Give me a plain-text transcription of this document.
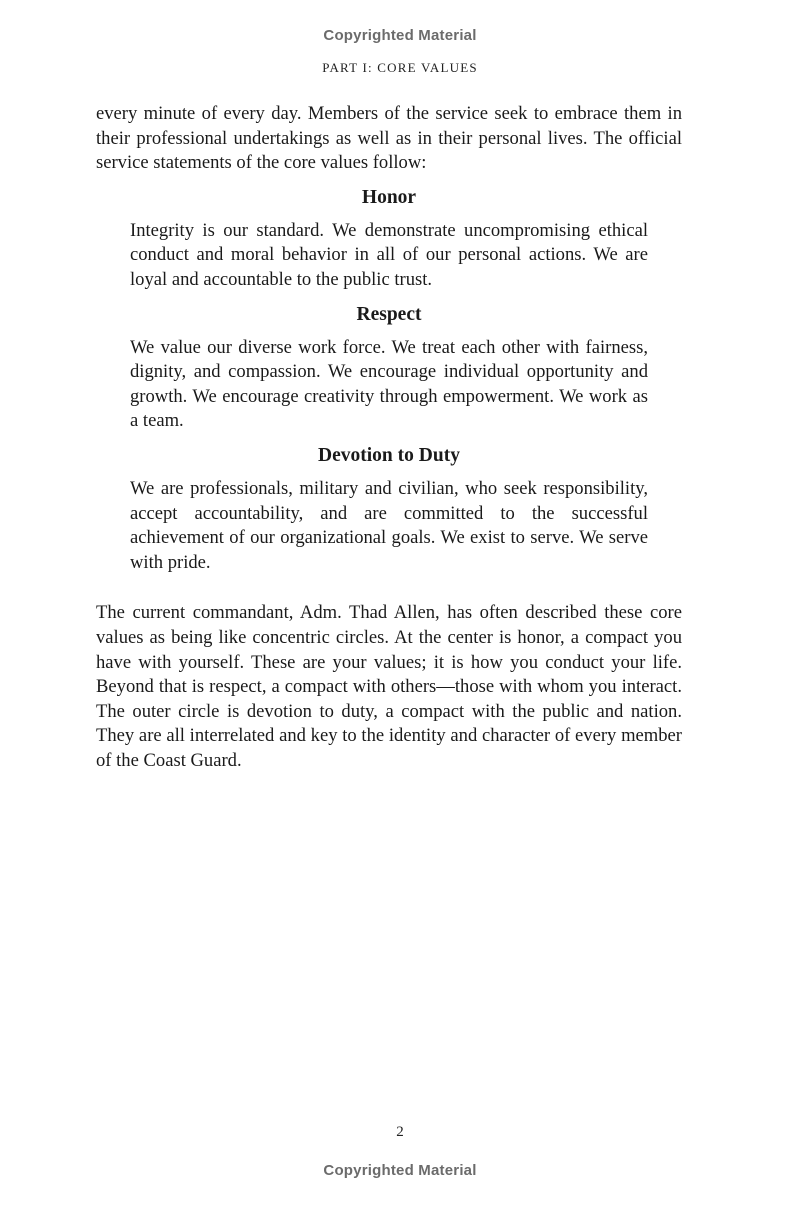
Copyrighted Material
PART I: CORE VALUES

every minute of every day. Members of the service seek to embrace them in their professional undertakings as well as in their personal lives. The official service statements of the core values follow:

Honor

Integrity is our standard. We demonstrate uncompromising ethical conduct and moral behavior in all of our personal actions. We are loyal and accountable to the public trust.

Respect

We value our diverse work force. We treat each other with fairness, dignity, and compassion. We encourage individual opportunity and growth. We encourage creativity through empowerment. We work as a team.

Devotion to Duty

We are professionals, military and civilian, who seek responsibility, accept accountability, and are committed to the successful achievement of our organizational goals. We exist to serve. We serve with pride.

The current commandant, Adm. Thad Allen, has often described these core values as being like concentric circles. At the center is honor, a compact you have with yourself. These are your values; it is how you conduct your life. Beyond that is respect, a compact with others—those with whom you interact. The outer circle is devotion to duty, a compact with the public and nation. They are all interrelated and key to the identity and character of every member of the Coast Guard.

2
Copyrighted Material
